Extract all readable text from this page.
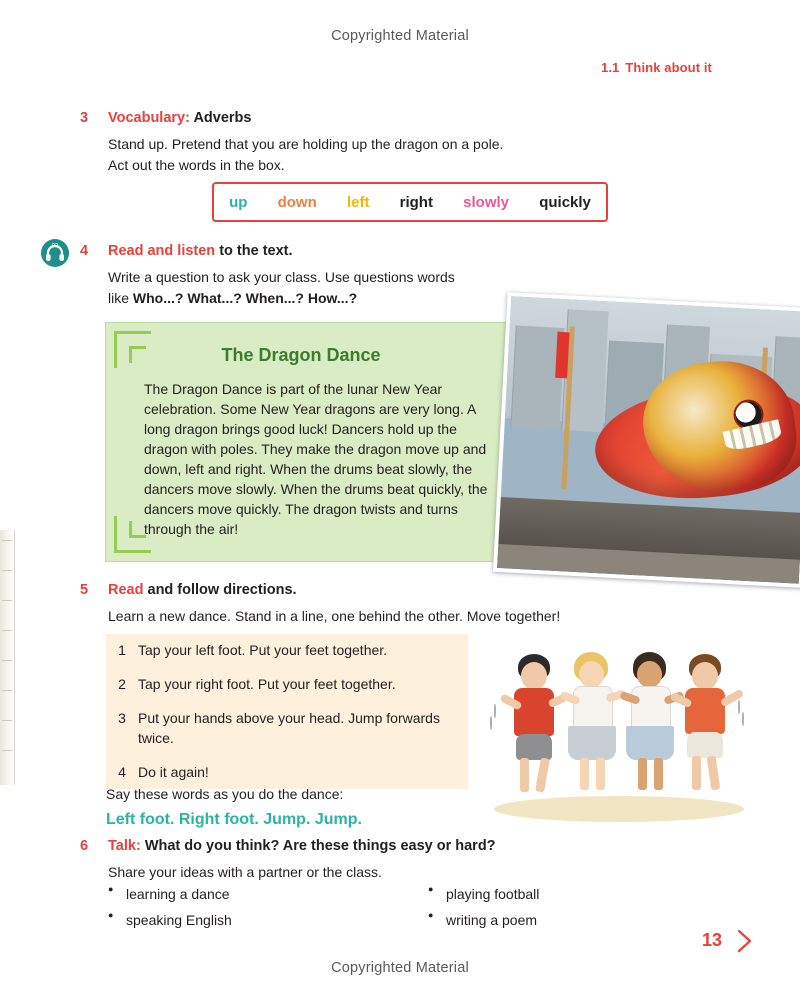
Copyrighted Material
1.1 Think about it
3	Vocabulary: Adverbs

Stand up. Pretend that you are holding up the dragon on a pole.

Act out the words in the box.

up down left right slowly quickly
03 4	Read and listen to the text.

Write a question to ask your class. Use questions words

like Who...? What...? When...? How...?

The Dragon Dance
The Dragon Dance is part of the lunar New Year celebration. Some New Year dragons are very long. A long dragon brings good luck! Dancers hold up the dragon with poles. They make the dragon move up and down, left and right. When the drums beat slowly, the dancers move slowly. When the drums beat quickly, the dancers move quickly. The dragon twists and turns through the air!
5	Read and follow directions.

Learn a new dance. Stand in a line, one behind the other. Move together!

1 Tap your left foot. Put your feet together.
2 Tap your right foot. Put your feet together.
3 Put your hands above your head. Jump forwards twice.
4 Do it again!
Say these words as you do the dance:
Left foot. Right foot. Jump. Jump.
6	Talk: What do you think? Are these things easy or hard?

Share your ideas with a partner or the class.

● learning a dance
● speaking English
● playing football
● writing a poem
13
Copyrighted Material
